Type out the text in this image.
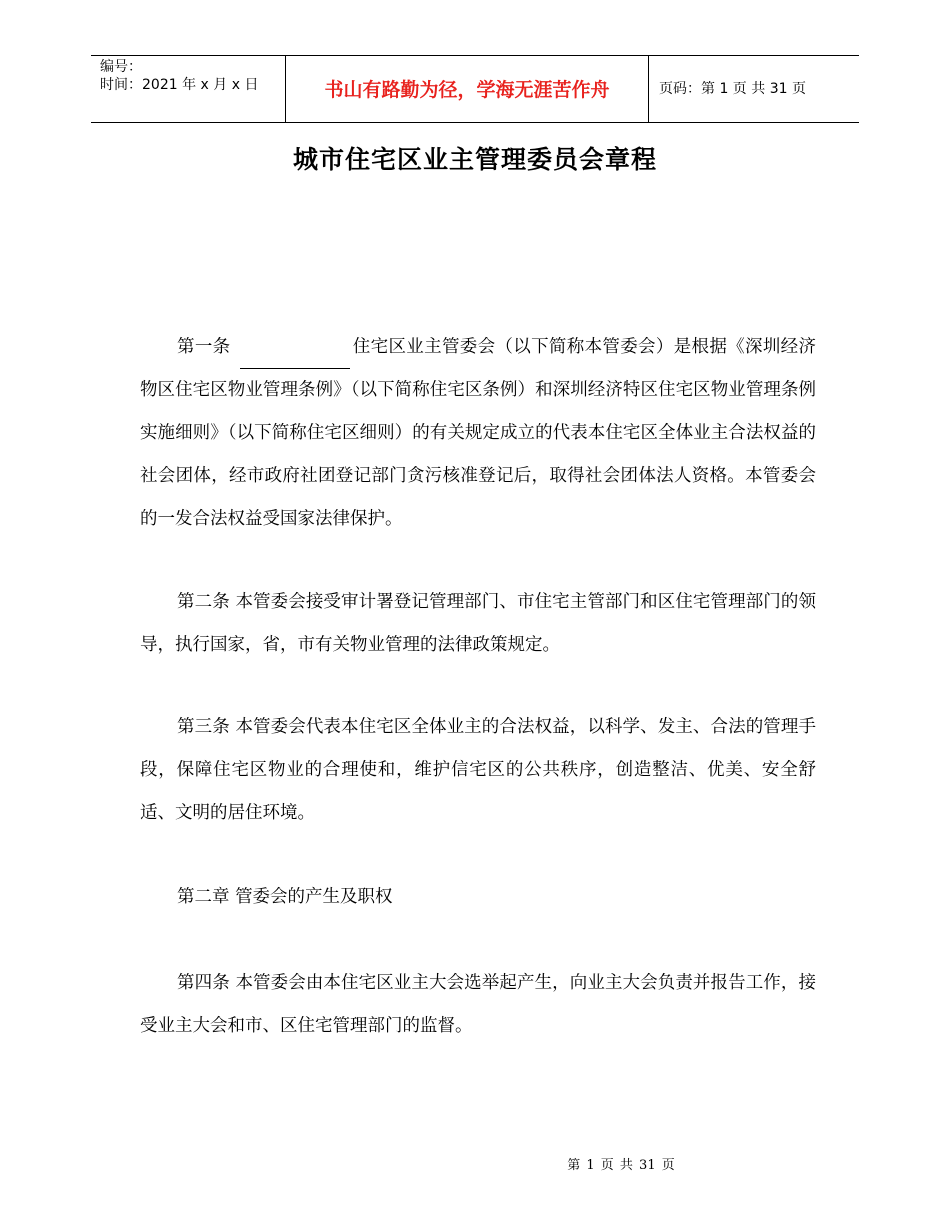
编号：
时间：2021 年 x 月 x 日	书山有路勤为径，学海无涯苦作舟	页码：第 1 页 共 31 页
城市住宅区业主管理委员会章程
第一条	住宅区业主管委会（以下简称本管委会）是根据《深圳经济物区住宅区物业管理条例》（以下简称住宅区条例）和深圳经济特区住宅区物业管理条例实施细则》（以下简称住宅区细则）的有关规定成立的代表本住宅区全体业主合法权益的社会团体，经市政府社团登记部门贪污核准登记后，取得社会团体法人资格。本管委会的一发合法权益受国家法律保护。
第二条 本管委会接受审计署登记管理部门、市住宅主管部门和区住宅管理部门的领导，执行国家，省，市有关物业管理的法律政策规定。
第三条 本管委会代表本住宅区全体业主的合法权益，以科学、发主、合法的管理手段，保障住宅区物业的合理使和，维护信宅区的公共秩序，创造整洁、优美、安全舒适、文明的居住环境。
第二章 管委会的产生及职权
第四条 本管委会由本住宅区业主大会选举起产生，向业主大会负责并报告工作，接受业主大会和市、区住宅管理部门的监督。
第 1 页 共 31 页
